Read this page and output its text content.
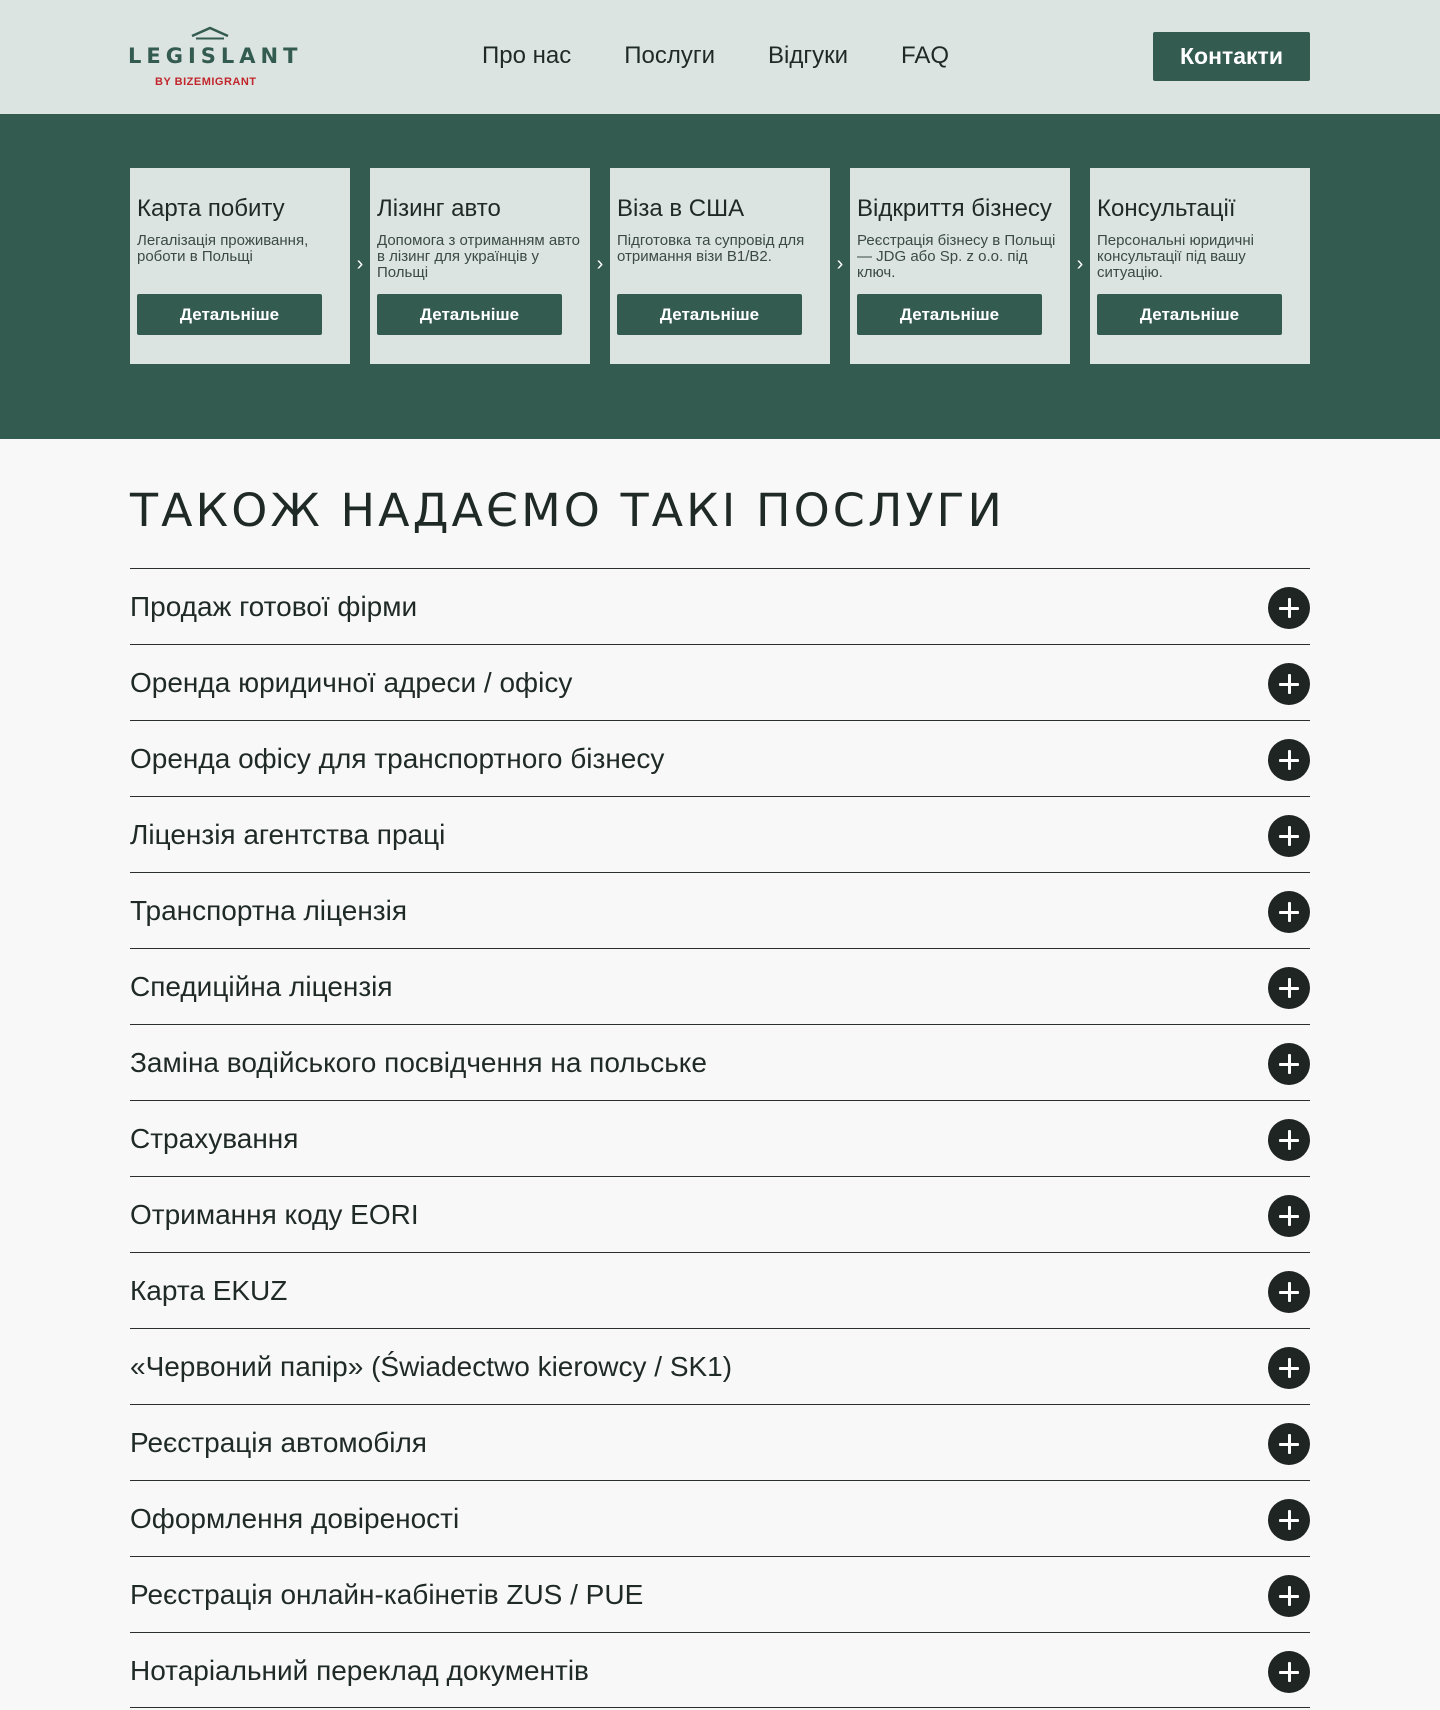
LEGISLANT
BY BIZEMIGRANT
Про нас Послуги Відгуки FAQ	Контакти
Карта побиту
Легалізація проживання, роботи в Польщі
Детальніше
›
Лізинг авто
Допомога з отриманням авто в лізинг для українців у Польщі
Детальніше
›
Віза в США
Підготовка та супровід для отримання візи B1/B2.
Детальніше
›
Відкриття бізнесу
Реєстрація бізнесу в Польщі — JDG або Sp. z o.o. під ключ.
Детальніше
›
Консультації
Персональні юридичні консультації під вашу ситуацію.
Детальніше
ТАКОЖ НАДАЄМО ТАКІ ПОСЛУГИ
Продаж готової фірми
Оренда юридичної адреси / офісу
Оренда офісу для транспортного бізнесу
Ліцензія агентства праці
Транспортна ліцензія
Спедиційна ліцензія
Заміна водійського посвідчення на польське
Страхування
Отримання коду EORI
Карта EKUZ
«Червоний папір» (Świadectwo kierowcy / SK1)
Реєстрація автомобіля
Оформлення довіреності
Реєстрація онлайн-кабінетів ZUS / PUE
Нотаріальний переклад документів
